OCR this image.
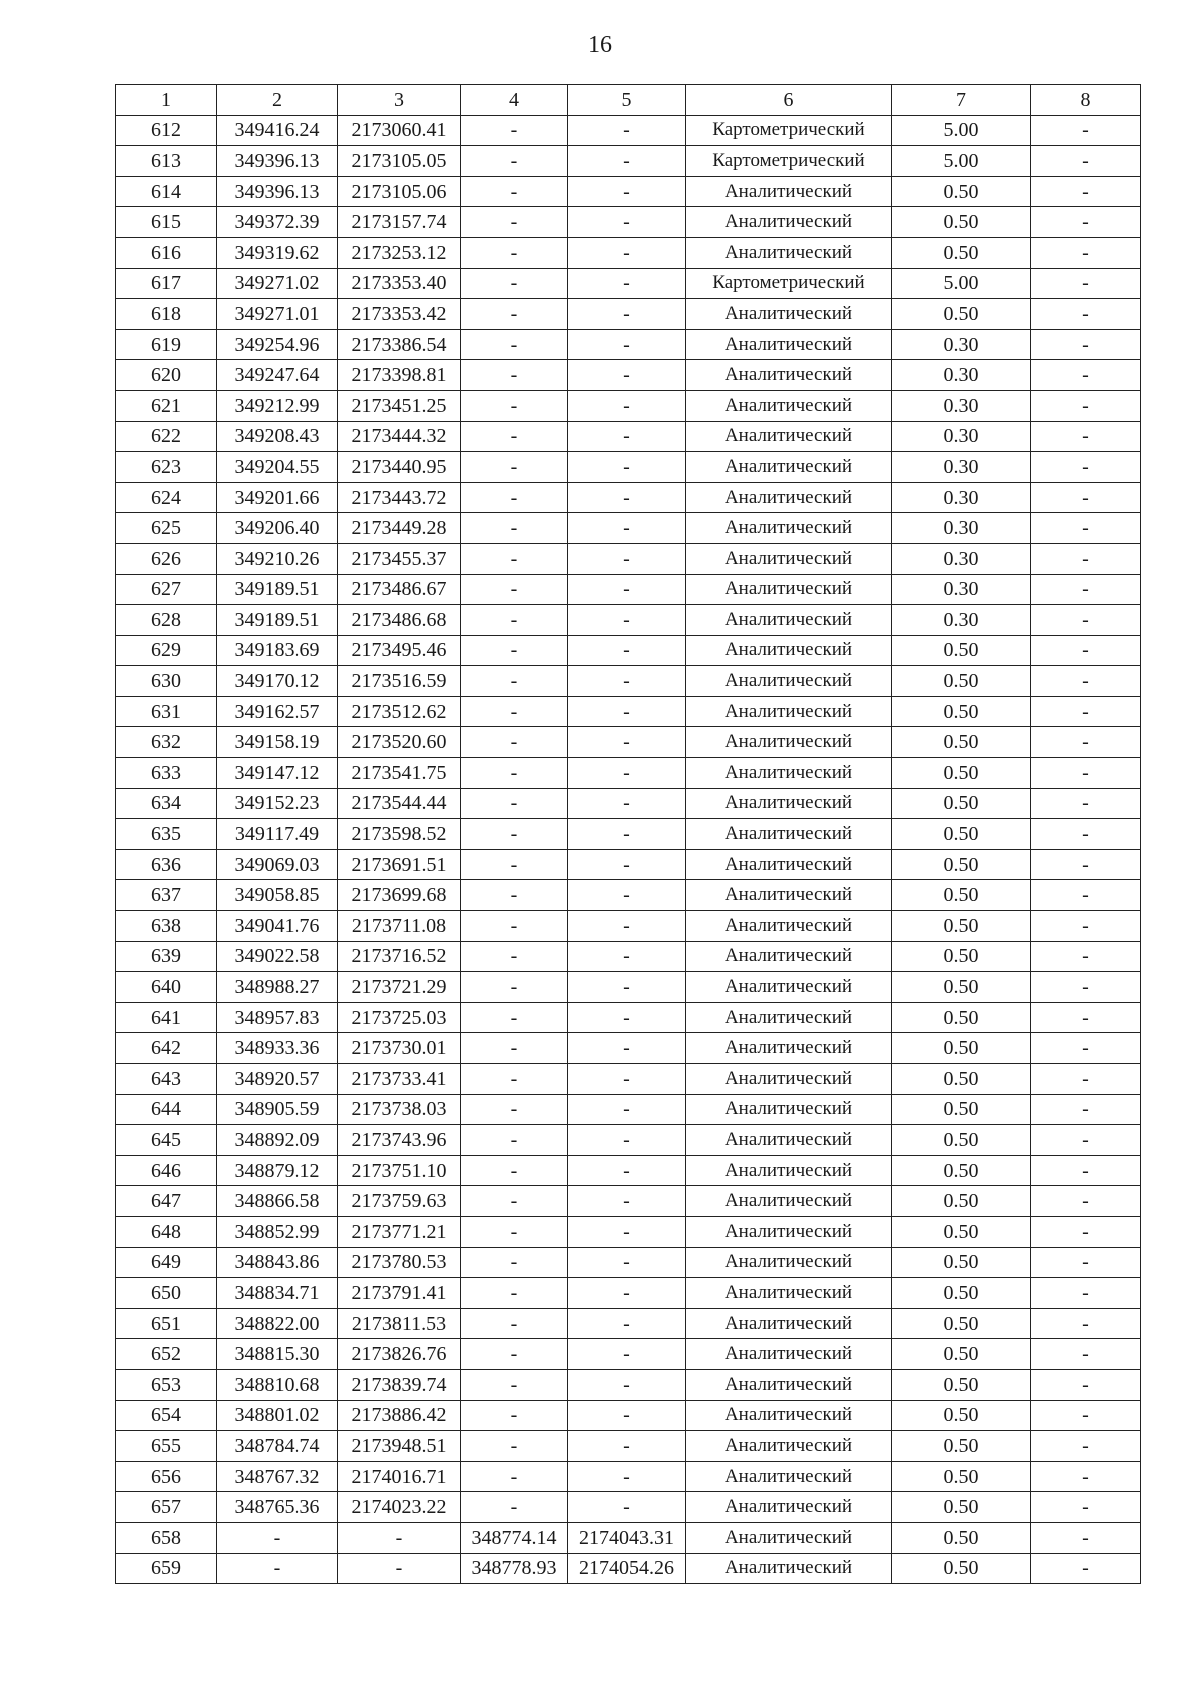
16
1	2	3	4	5	6	7	8
612	349416.24	2173060.41	-	-	Картометрический	5.00	-
613	349396.13	2173105.05	-	-	Картометрический	5.00	-
614	349396.13	2173105.06	-	-	Аналитический	0.50	-
615	349372.39	2173157.74	-	-	Аналитический	0.50	-
616	349319.62	2173253.12	-	-	Аналитический	0.50	-
617	349271.02	2173353.40	-	-	Картометрический	5.00	-
618	349271.01	2173353.42	-	-	Аналитический	0.50	-
619	349254.96	2173386.54	-	-	Аналитический	0.30	-
620	349247.64	2173398.81	-	-	Аналитический	0.30	-
621	349212.99	2173451.25	-	-	Аналитический	0.30	-
622	349208.43	2173444.32	-	-	Аналитический	0.30	-
623	349204.55	2173440.95	-	-	Аналитический	0.30	-
624	349201.66	2173443.72	-	-	Аналитический	0.30	-
625	349206.40	2173449.28	-	-	Аналитический	0.30	-
626	349210.26	2173455.37	-	-	Аналитический	0.30	-
627	349189.51	2173486.67	-	-	Аналитический	0.30	-
628	349189.51	2173486.68	-	-	Аналитический	0.30	-
629	349183.69	2173495.46	-	-	Аналитический	0.50	-
630	349170.12	2173516.59	-	-	Аналитический	0.50	-
631	349162.57	2173512.62	-	-	Аналитический	0.50	-
632	349158.19	2173520.60	-	-	Аналитический	0.50	-
633	349147.12	2173541.75	-	-	Аналитический	0.50	-
634	349152.23	2173544.44	-	-	Аналитический	0.50	-
635	349117.49	2173598.52	-	-	Аналитический	0.50	-
636	349069.03	2173691.51	-	-	Аналитический	0.50	-
637	349058.85	2173699.68	-	-	Аналитический	0.50	-
638	349041.76	2173711.08	-	-	Аналитический	0.50	-
639	349022.58	2173716.52	-	-	Аналитический	0.50	-
640	348988.27	2173721.29	-	-	Аналитический	0.50	-
641	348957.83	2173725.03	-	-	Аналитический	0.50	-
642	348933.36	2173730.01	-	-	Аналитический	0.50	-
643	348920.57	2173733.41	-	-	Аналитический	0.50	-
644	348905.59	2173738.03	-	-	Аналитический	0.50	-
645	348892.09	2173743.96	-	-	Аналитический	0.50	-
646	348879.12	2173751.10	-	-	Аналитический	0.50	-
647	348866.58	2173759.63	-	-	Аналитический	0.50	-
648	348852.99	2173771.21	-	-	Аналитический	0.50	-
649	348843.86	2173780.53	-	-	Аналитический	0.50	-
650	348834.71	2173791.41	-	-	Аналитический	0.50	-
651	348822.00	2173811.53	-	-	Аналитический	0.50	-
652	348815.30	2173826.76	-	-	Аналитический	0.50	-
653	348810.68	2173839.74	-	-	Аналитический	0.50	-
654	348801.02	2173886.42	-	-	Аналитический	0.50	-
655	348784.74	2173948.51	-	-	Аналитический	0.50	-
656	348767.32	2174016.71	-	-	Аналитический	0.50	-
657	348765.36	2174023.22	-	-	Аналитический	0.50	-
658	-	-	348774.14	2174043.31	Аналитический	0.50	-
659	-	-	348778.93	2174054.26	Аналитический	0.50	-
